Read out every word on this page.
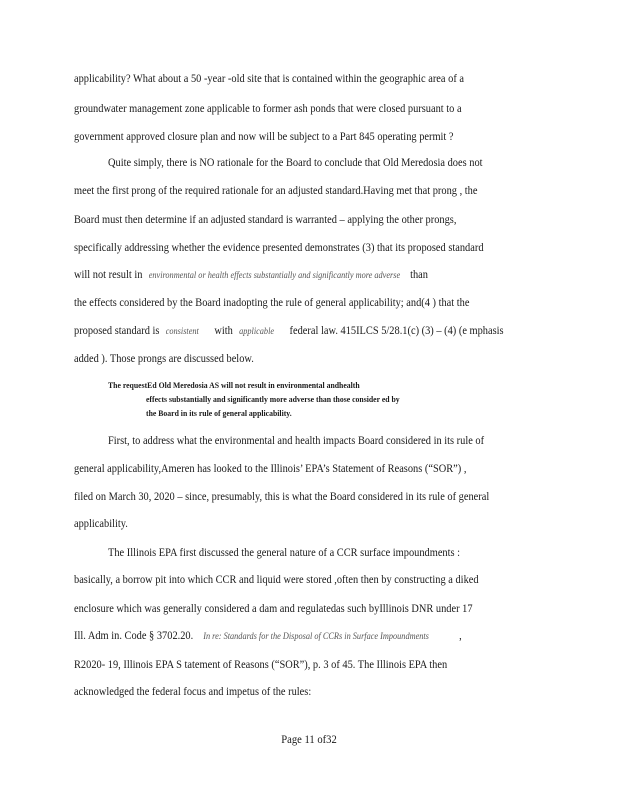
applicability? What about a 50 -year -old site that is contained within the geographic area of a
groundwater management zone applicable to former ash ponds that were closed pursuant to a
government approved closure plan and now will be subject to a Part 845 operating permit ?
Quite simply, there is NO rationale for the Board to conclude that Old Meredosia does not
meet the first prong of the required rationale for an adjusted standard.Having met that prong , the
Board must then determine if an adjusted standard is warranted – applying the other prongs,
specifically addressing whether the evidence presented demonstrates (3) that its proposed standard
will not result in environmental or health effects substantially and significantly more adverse than
the effects considered by the Board inadopting the rule of general applicability; and(4 ) that the
proposed standard is consistent with applicable federal law. 415ILCS 5/28.1(c) (3) – (4) (e mphasis
added ). Those prongs are discussed below.
The requestEd Old Meredosia AS will not result in environmental andhealth
effects substantially and significantly more adverse than those consider ed by
the Board in its rule of general applicability.
First, to address what the environmental and health impacts Board considered in its rule of
general applicability,Ameren has looked to the Illinois’ EPA’s Statement of Reasons (“SOR”) ,
filed on March 30, 2020 – since, presumably, this is what the Board considered in its rule of general
applicability.
The Illinois EPA first discussed the general nature of a CCR surface impoundments :
basically, a borrow pit into which CCR and liquid were stored ,often then by constructing a diked
enclosure which was generally considered a dam and regulatedas such byIllinois DNR under 17
Ill. Adm in. Code § 3702.20. In re: Standards for the Disposal of CCRs in Surface Impoundments	,
R2020- 19, Illinois EPA S tatement of Reasons (“SOR”), p. 3 of 45. The Illinois EPA then
acknowledged the federal focus and impetus of the rules:
Page 11 of32
